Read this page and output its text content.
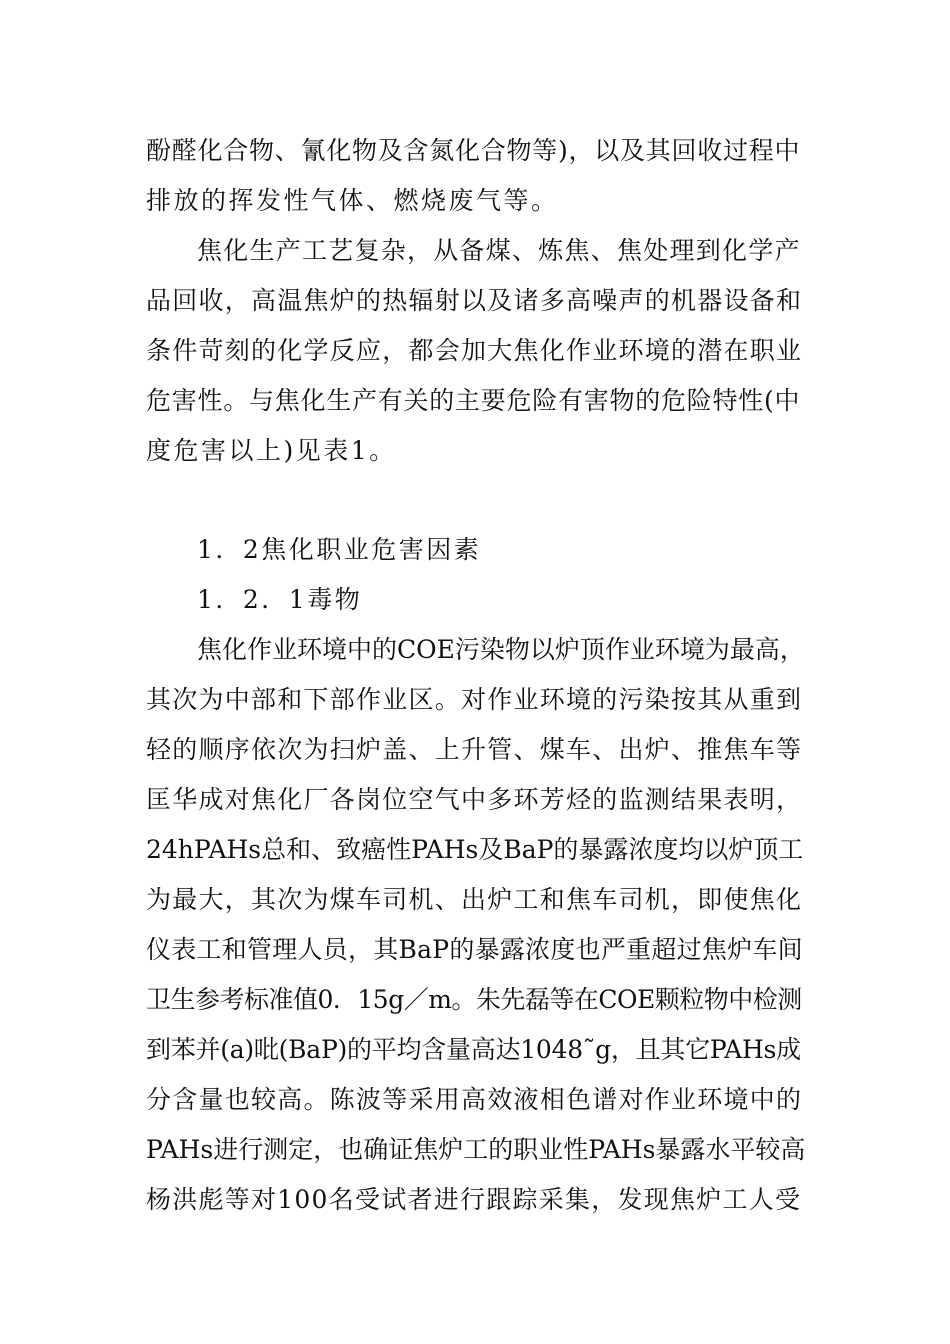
酚醛化合物、氰化物及含氮化合物等)，以及其回收过程中
排放的挥发性气体、燃烧废气等。
焦化生产工艺复杂，从备煤、炼焦、焦处理到化学产
品回收，高温焦炉的热辐射以及诸多高噪声的机器设备和
条件苛刻的化学反应，都会加大焦化作业环境的潜在职业
危害性。与焦化生产有关的主要危险有害物的危险特性(中
度危害以上)见表1。
1．2焦化职业危害因素
1．2．1毒物
焦化作业环境中的COE污染物以炉顶作业环境为最高，
其次为中部和下部作业区。对作业环境的污染按其从重到
轻的顺序依次为扫炉盖、上升管、煤车、出炉、推焦车等
匡华成对焦化厂各岗位空气中多环芳烃的监测结果表明，
24hPAHs总和、致癌性PAHs及BaP的暴露浓度均以炉顶工
为最大，其次为煤车司机、出炉工和焦车司机，即使焦化
仪表工和管理人员，其BaP的暴露浓度也严重超过焦炉车间
卫生参考标准值0．15g／m。朱先磊等在COE颗粒物中检测
到苯并(a)吡(BaP)的平均含量高达1048˜g，且其它PAHs成
分含量也较高。陈波等采用高效液相色谱对作业环境中的
PAHs进行测定，也确证焦炉工的职业性PAHs暴露水平较高
杨洪彪等对100名受试者进行跟踪采集，发现焦炉工人受
